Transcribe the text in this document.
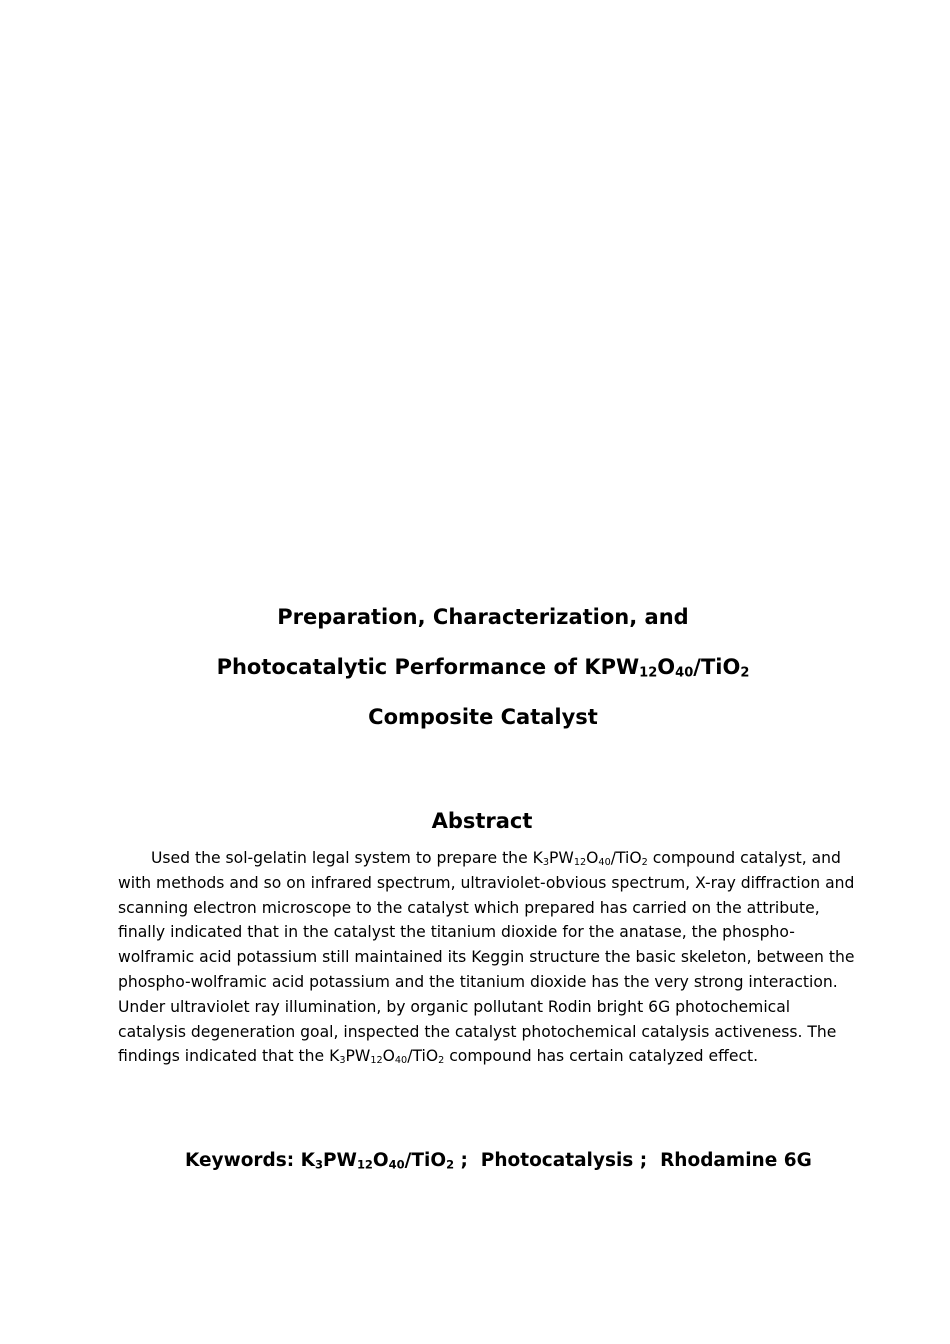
Preparation, Characterization, and
Photocatalytic Performance of $KPW_{12}O_{40}/TiO_2$
Composite Catalyst
Abstract

Used the sol-gelatin legal system to prepare the $K_3PW_{12}O_{40}/TiO_2$ compound catalyst, and with methods and so on infrared spectrum, ultraviolet-obvious spectrum, X-ray diffraction and scanning electron microscope to the catalyst which prepared has carried on the attribute, finally indicated that in the catalyst the titanium dioxide for the anatase, the phospho-wolframic acid potassium still maintained its Keggin structure the basic skeleton, between the phospho-wolframic acid potassium and the titanium dioxide has the very strong interaction. Under ultraviolet ray illumination, by organic pollutant Rodin bright 6G photochemical catalysis degeneration goal, inspected the catalyst photochemical catalysis activeness. The findings indicated that the $K_3PW_{12}O_{40}/TiO_2$ compound has certain catalyzed effect.

Keywords: $K_3PW_{12}O_{40}/TiO_2$ ;  Photocatalysis ;  Rhodamine 6G
